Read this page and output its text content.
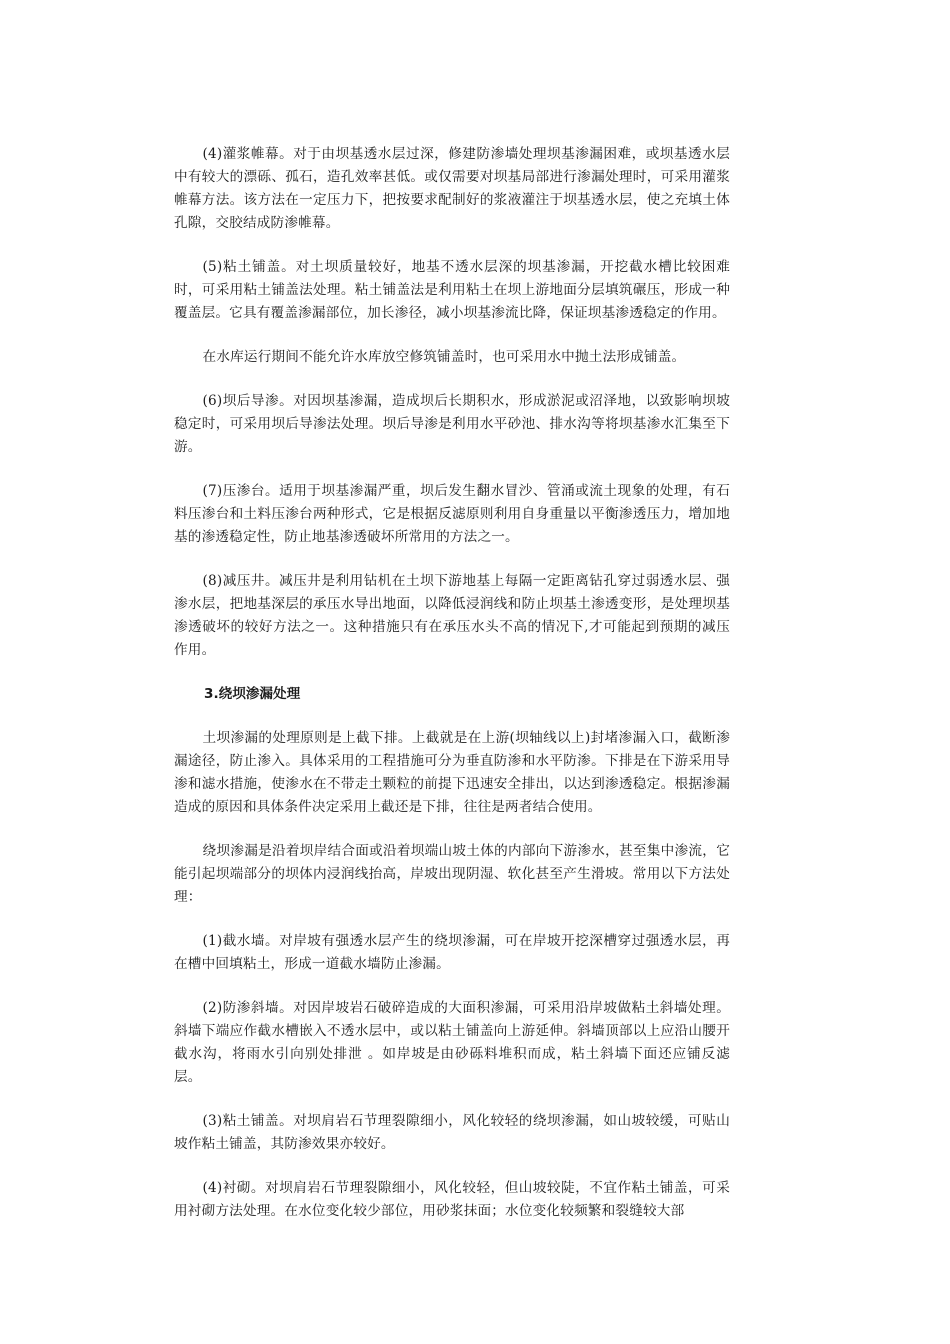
(4)灌浆帷幕。对于由坝基透水层过深，修建防渗墙处理坝基渗漏困难，或坝基透水层中有较大的漂砾、孤石，造孔效率甚低。或仅需要对坝基局部进行渗漏处理时，可采用灌浆帷幕方法。该方法在一定压力下，把按要求配制好的浆液灌注于坝基透水层，使之充填土体孔隙，交胶结成防渗帷幕。

(5)粘土铺盖。对土坝质量较好，地基不透水层深的坝基渗漏，开挖截水槽比较困难时，可采用粘土铺盖法处理。粘土铺盖法是利用粘土在坝上游地面分层填筑碾压，形成一种覆盖层。它具有覆盖渗漏部位，加长渗径，减小坝基渗流比降，保证坝基渗透稳定的作用。

在水库运行期间不能允许水库放空修筑铺盖时，也可采用水中抛土法形成铺盖。

(6)坝后导渗。对因坝基渗漏，造成坝后长期积水，形成淤泥或沼泽地，以致影响坝坡稳定时，可采用坝后导渗法处理。坝后导渗是利用水平砂池、排水沟等将坝基渗水汇集至下游。

(7)压渗台。适用于坝基渗漏严重，坝后发生翻水冒沙、管涌或流土现象的处理，有石料压渗台和土料压渗台两种形式，它是根据反滤原则利用自身重量以平衡渗透压力，增加地基的渗透稳定性，防止地基渗透破坏所常用的方法之一。

(8)减压井。减压井是利用钻机在土坝下游地基上每隔一定距离钻孔穿过弱透水层、强渗水层，把地基深层的承压水导出地面，以降低浸润线和防止坝基土渗透变形，是处理坝基渗透破坏的较好方法之一。这种措施只有在承压水头不高的情况下,才可能起到预期的减压作用。

3.绕坝渗漏处理

土坝渗漏的处理原则是上截下排。上截就是在上游(坝轴线以上)封堵渗漏入口，截断渗漏途径，防止渗入。具体采用的工程措施可分为垂直防渗和水平防渗。下排是在下游采用导渗和滤水措施，使渗水在不带走土颗粒的前提下迅速安全排出，以达到渗透稳定。根据渗漏造成的原因和具体条件决定采用上截还是下排，往往是两者结合使用。

绕坝渗漏是沿着坝岸结合面或沿着坝端山坡土体的内部向下游渗水，甚至集中渗流，它能引起坝端部分的坝体内浸润线抬高，岸坡出现阴湿、软化甚至产生滑坡。常用以下方法处理：

(1)截水墙。对岸坡有强透水层产生的绕坝渗漏，可在岸坡开挖深槽穿过强透水层，再在槽中回填粘土，形成一道截水墙防止渗漏。

(2)防渗斜墙。对因岸坡岩石破碎造成的大面积渗漏，可采用沿岸坡做粘土斜墙处理。斜墙下端应作截水槽嵌入不透水层中，或以粘土铺盖向上游延伸。斜墙顶部以上应沿山腰开截水沟，将雨水引向别处排泄 。如岸坡是由砂砾料堆积而成，粘土斜墙下面还应铺反滤层。

(3)粘土铺盖。对坝肩岩石节理裂隙细小，风化较轻的绕坝渗漏，如山坡较缓，可贴山坡作粘土铺盖，其防渗效果亦较好。

(4)衬砌。对坝肩岩石节理裂隙细小，风化较轻，但山坡较陡，不宜作粘土铺盖，可采用衬砌方法处理。在水位变化较少部位，用砂浆抹面；水位变化较频繁和裂缝较大部
